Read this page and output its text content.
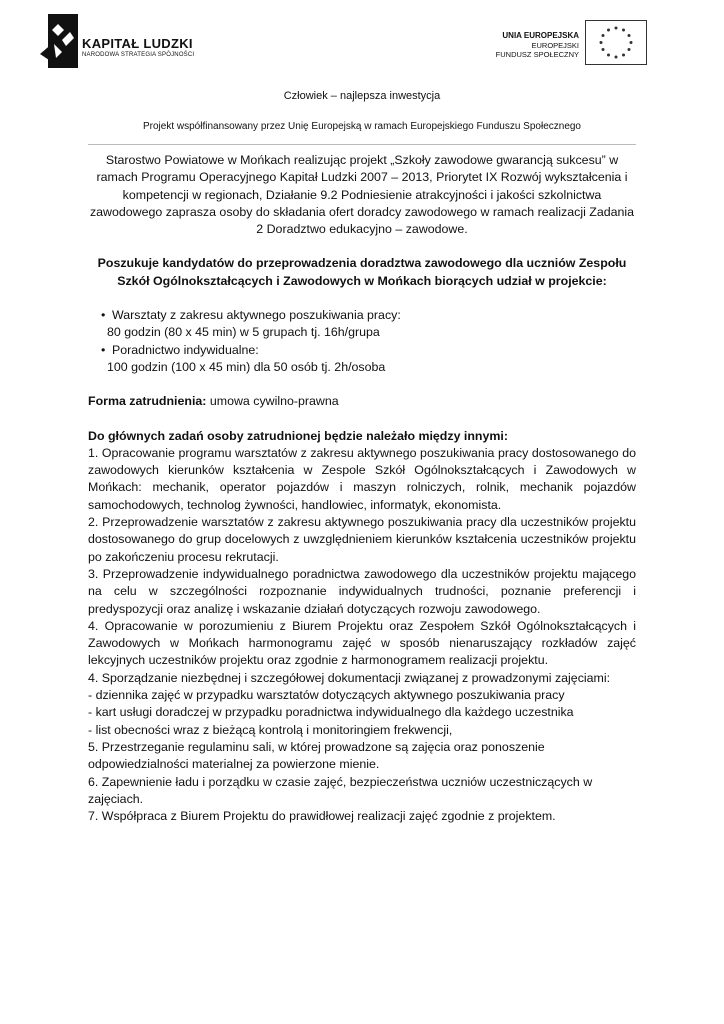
KAPITAŁ LUDZKI
NARODOWA STRATEGIA SPÓJNOŚCI
UNIA EUROPEJSKA
EUROPEJSKI
FUNDUSZ SPOŁECZNY
Człowiek – najlepsza inwestycja
Projekt współfinansowany przez Unię Europejską w ramach Europejskiego Funduszu Społecznego

Starostwo Powiatowe w Mońkach realizując projekt „Szkoły zawodowe gwarancją sukcesu” w ramach Programu Operacyjnego Kapitał Ludzki 2007 – 2013, Priorytet IX Rozwój wykształcenia i kompetencji w regionach, Działanie 9.2 Podniesienie atrakcyjności i jakości szkolnictwa zawodowego zaprasza osoby do składania ofert doradcy zawodowego w ramach realizacji Zadania 2 Doradztwo edukacyjno – zawodowe.

Poszukuje kandydatów do przeprowadzenia doradztwa zawodowego dla uczniów Zespołu Szkół Ogólnokształcących i Zawodowych w Mońkach biorących udział w projekcie:

• Warsztaty z zakresu aktywnego poszukiwania pracy:
80 godzin (80 x 45 min) w 5 grupach tj. 16h/grupa
• Poradnictwo indywidualne:
100 godzin (100 x 45 min) dla 50 osób tj. 2h/osoba

Forma zatrudnienia: umowa cywilno-prawna

Do głównych zadań osoby zatrudnionej będzie należało między innymi:

1. Opracowanie programu warsztatów z zakresu aktywnego poszukiwania pracy dostosowanego do zawodowych kierunków kształcenia w Zespole Szkół Ogólnokształcących i Zawodowych w Mońkach: mechanik, operator pojazdów i maszyn rolniczych, rolnik, mechanik pojazdów samochodowych, technolog żywności, handlowiec, informatyk, ekonomista.

2. Przeprowadzenie warsztatów z zakresu aktywnego poszukiwania pracy dla uczestników projektu dostosowanego do grup docelowych z uwzględnieniem kierunków kształcenia uczestników projektu po zakończeniu procesu rekrutacji.

3. Przeprowadzenie indywidualnego poradnictwa zawodowego dla uczestników projektu mającego na celu w szczególności rozpoznanie indywidualnych trudności, poznanie preferencji i predyspozycji oraz analizę i wskazanie działań dotyczących rozwoju zawodowego.

4. Opracowanie w porozumieniu z Biurem Projektu oraz Zespołem Szkół Ogólnokształcących i Zawodowych w Mońkach harmonogramu zajęć w sposób nienaruszający rozkładów zajęć lekcyjnych uczestników projektu oraz zgodnie z harmonogramem realizacji projektu.

4. Sporządzanie niezbędnej i szczegółowej dokumentacji związanej z prowadzonymi zajęciami:

- dziennika zajęć w przypadku warsztatów dotyczących aktywnego poszukiwania pracy

- kart usługi doradczej w przypadku poradnictwa indywidualnego dla każdego uczestnika

- list obecności wraz z bieżącą kontrolą i monitoringiem frekwencji,

5. Przestrzeganie regulaminu sali, w której prowadzone są zajęcia oraz ponoszenie odpowiedzialności materialnej za powierzone mienie.

6. Zapewnienie ładu i porządku w czasie zajęć, bezpieczeństwa uczniów uczestniczących w zajęciach.

7. Współpraca z Biurem Projektu do prawidłowej realizacji zajęć zgodnie z projektem.
